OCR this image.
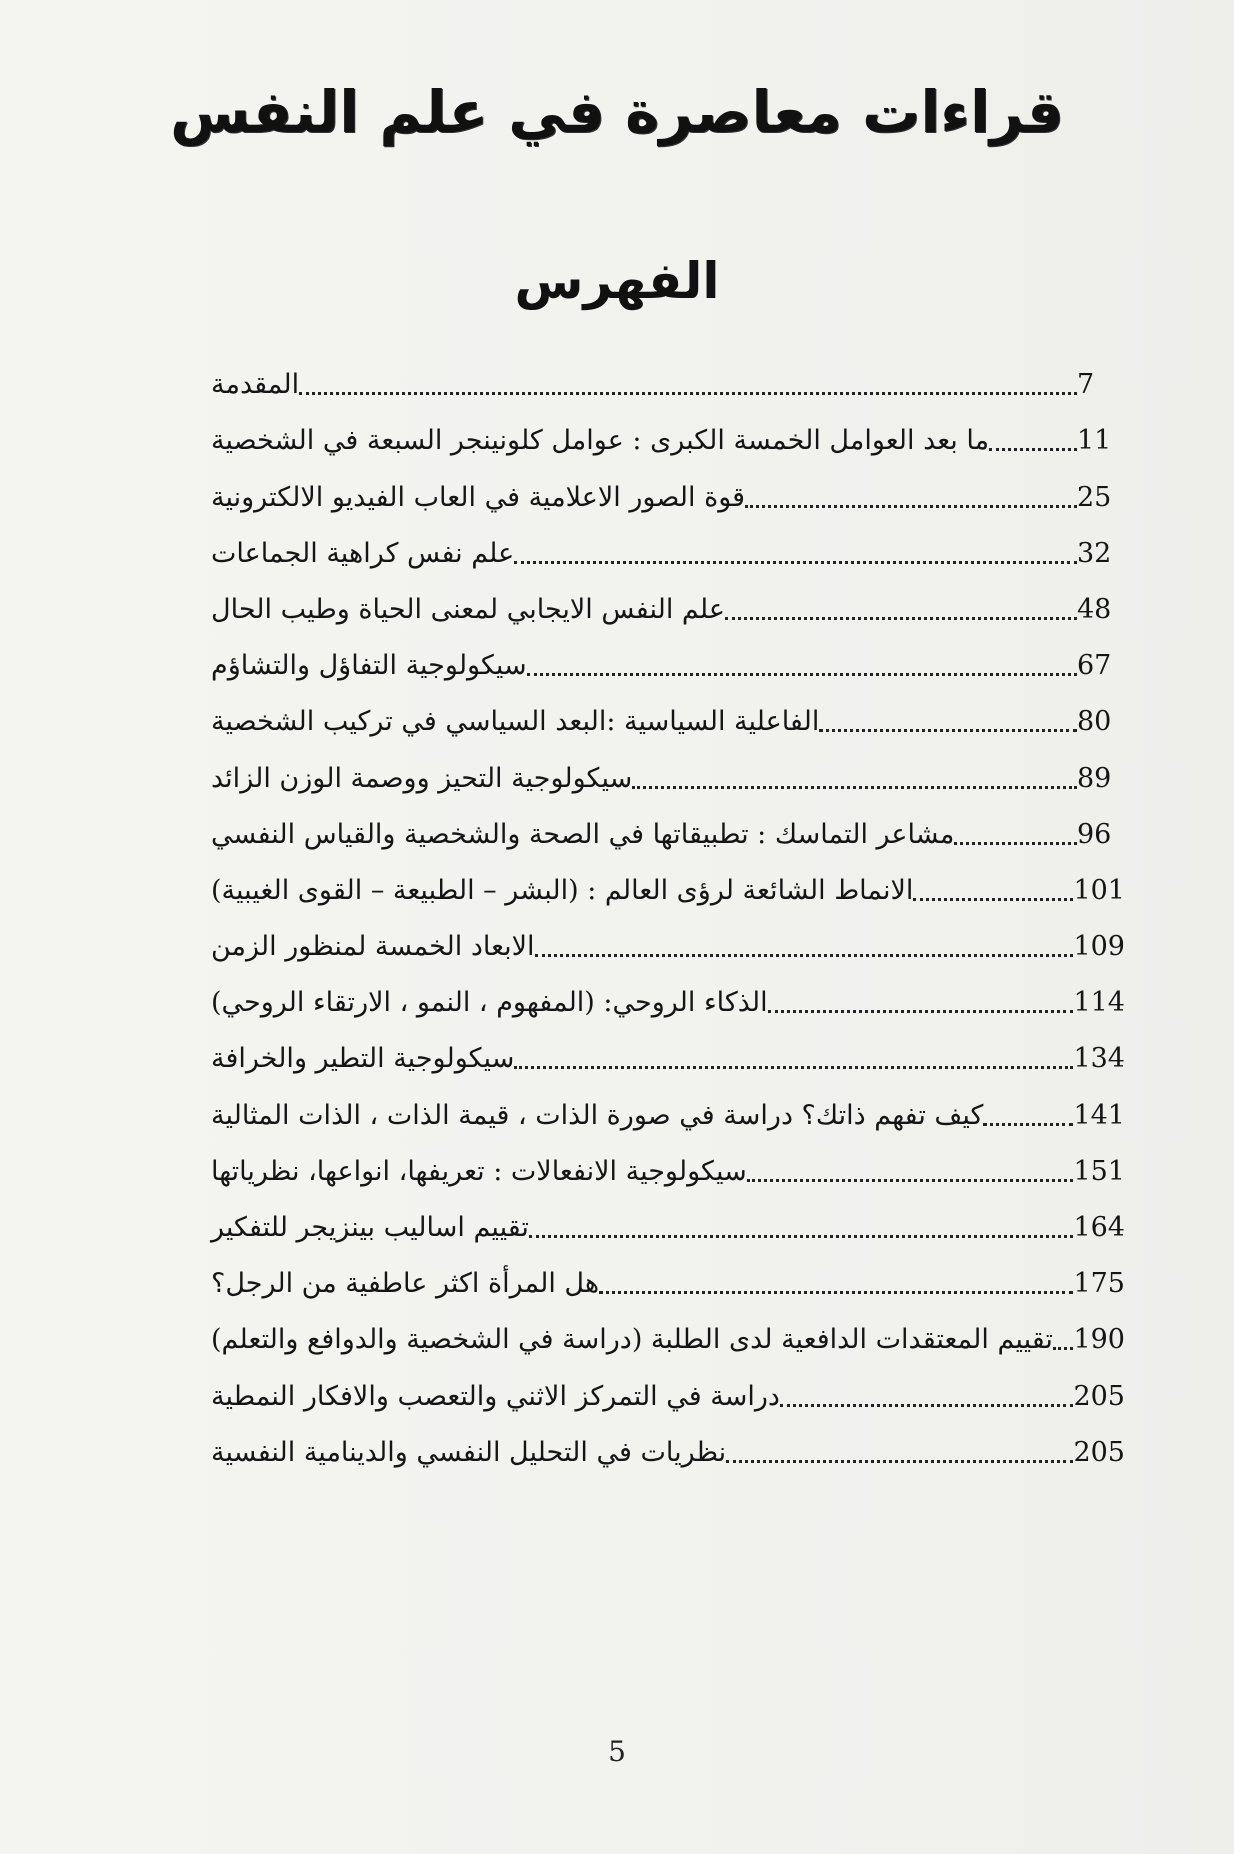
قراءات معاصرة في علم النفس
الفهرس
المقدمة	7
ما بعد العوامل الخمسة الكبرى : عوامل كلونينجر السبعة في الشخصية	11
قوة الصور الاعلامية في العاب الفيديو الالكترونية	25
علم نفس كراهية الجماعات	32
علم النفس الايجابي لمعنى الحياة وطيب الحال	48
سيكولوجية التفاؤل والتشاؤم	67
الفاعلية السياسية :البعد السياسي في تركيب الشخصية	80
سيكولوجية التحيز ووصمة الوزن الزائد	89
مشاعر التماسك : تطبيقاتها في الصحة والشخصية والقياس النفسي	96
الانماط الشائعة لرؤى العالم : (البشر – الطبيعة – القوى الغيبية)	101
الابعاد الخمسة لمنظور الزمن	109
الذكاء الروحي: (المفهوم ، النمو ، الارتقاء الروحي)	114
سيكولوجية التطير والخرافة	134
كيف تفهم ذاتك؟ دراسة في صورة الذات ، قيمة الذات ، الذات المثالية	141
سيكولوجية الانفعالات : تعريفها، انواعها، نظرياتها	151
تقييم اساليب بينزيجر للتفكير	164
هل المرأة اكثر عاطفية من الرجل؟	175
تقييم المعتقدات الدافعية لدى الطلبة (دراسة في الشخصية والدوافع والتعلم) 190
دراسة في التمركز الاثني والتعصب والافكار النمطية	205
نظريات في التحليل النفسي والدينامية النفسية	205
5
